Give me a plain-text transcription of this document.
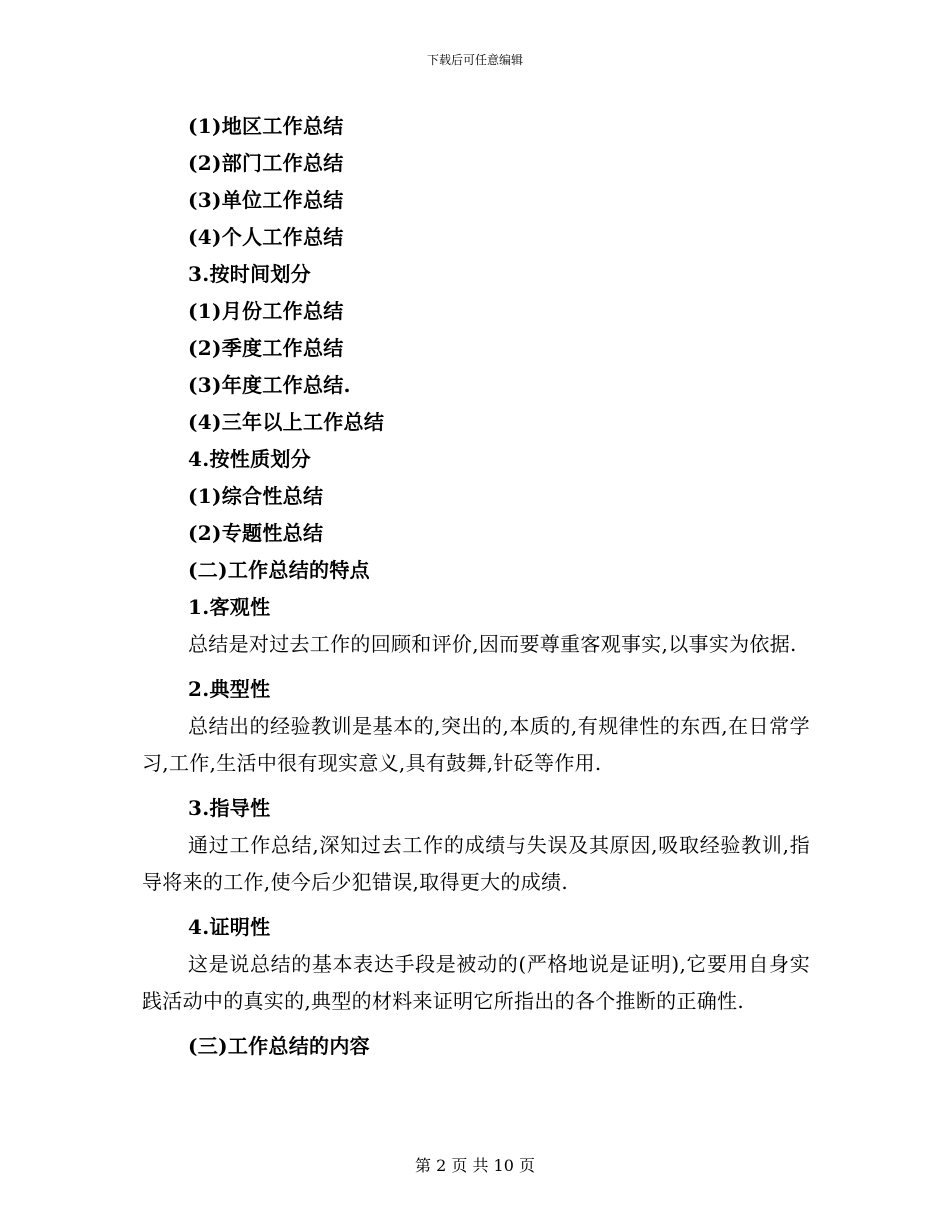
下载后可任意编辑
(1)地区工作总结
(2)部门工作总结
(3)单位工作总结
(4)个人工作总结
3.按时间划分
(1)月份工作总结
(2)季度工作总结
(3)年度工作总结.
(4)三年以上工作总结
4.按性质划分
(1)综合性总结
(2)专题性总结
(二)工作总结的特点
1.客观性
总结是对过去工作的回顾和评价,因而要尊重客观事实,以事实为依据.
2.典型性
总结出的经验教训是基本的,突出的,本质的,有规律性的东西,在日常学习,工作,生活中很有现实意义,具有鼓舞,针砭等作用.
3.指导性
通过工作总结,深知过去工作的成绩与失误及其原因,吸取经验教训,指导将来的工作,使今后少犯错误,取得更大的成绩.
4.证明性
这是说总结的基本表达手段是被动的(严格地说是证明),它要用自身实践活动中的真实的,典型的材料来证明它所指出的各个推断的正确性.
(三)工作总结的内容
第 2 页 共 10 页
